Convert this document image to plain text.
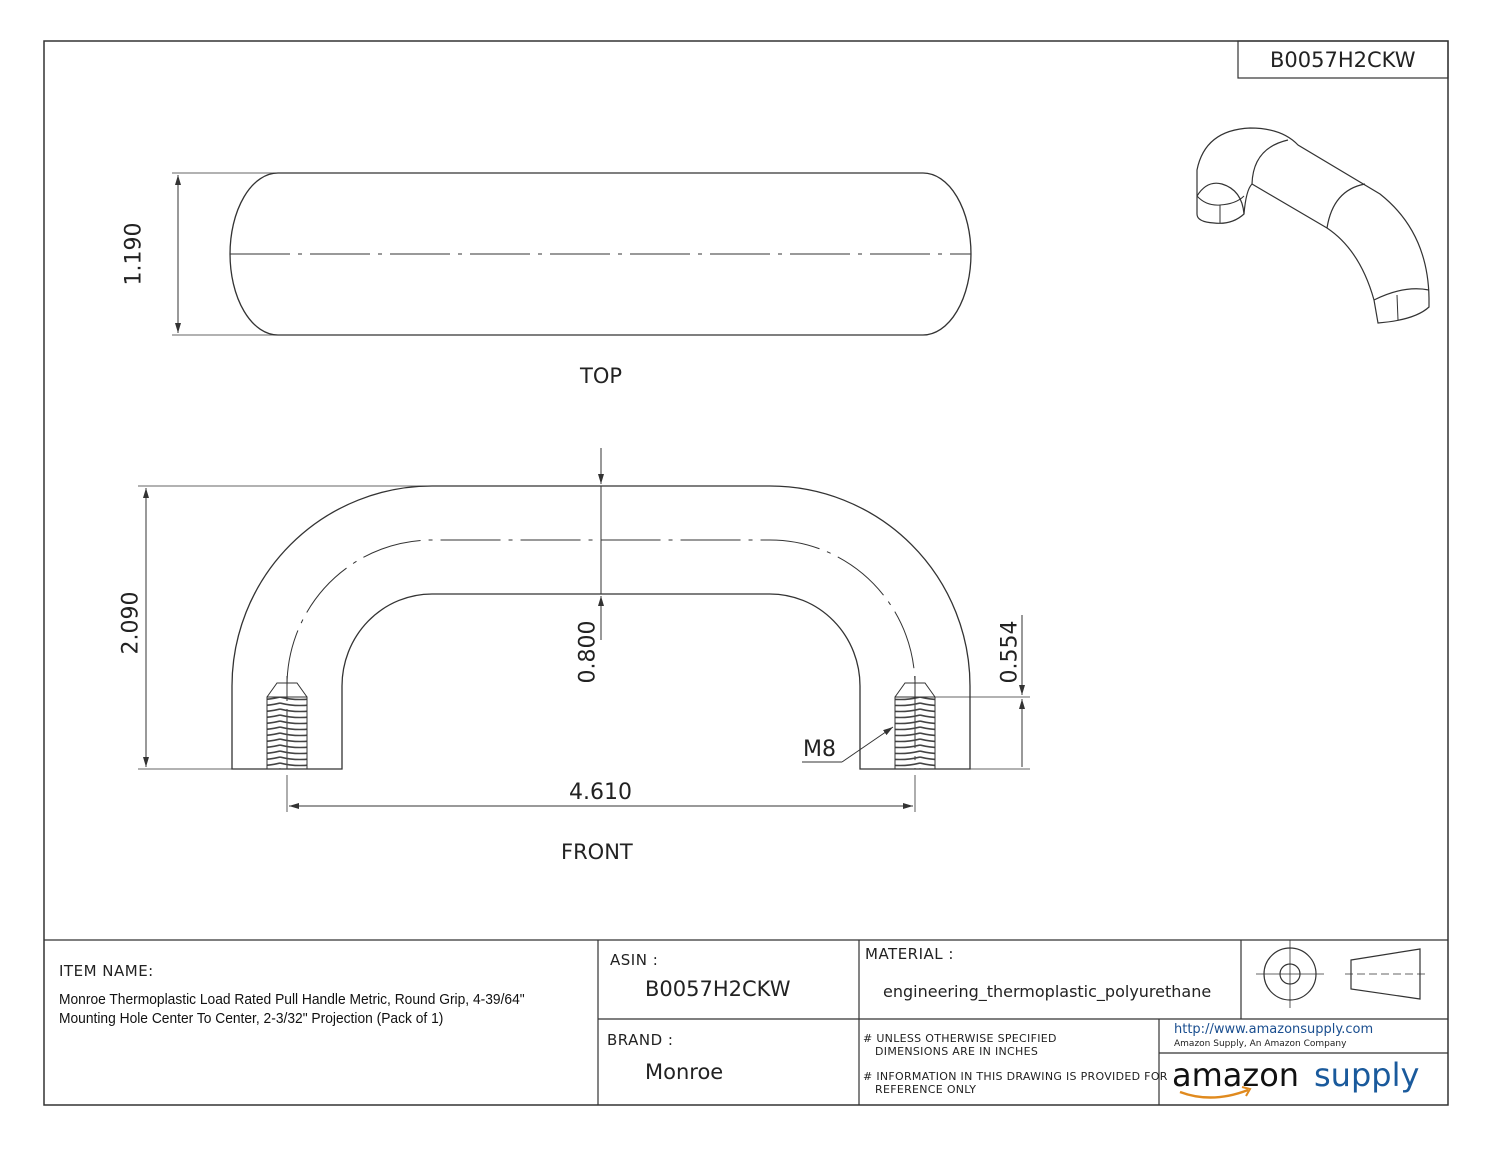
B0057H2CKW
TOP
FRONT
1.190
2.090	0.800	0.554
4.610
M8
ITEM NAME:
Monroe Thermoplastic Load Rated Pull Handle Metric, Round Grip, 4-39/64"
Mounting Hole Center To Center, 2-3/32" Projection (Pack of 1)
ASIN :
B0057H2CKW
BRAND :
Monroe
MATERIAL :
engineering_thermoplastic_polyurethane
# UNLESS OTHERWISE SPECIFIED
DIMENSIONS ARE IN INCHES
# INFORMATION IN THIS DRAWING IS PROVIDED FOR
REFERENCE ONLY
http://www.amazonsupply.com
Amazon Supply, An Amazon Company
amazon supply
